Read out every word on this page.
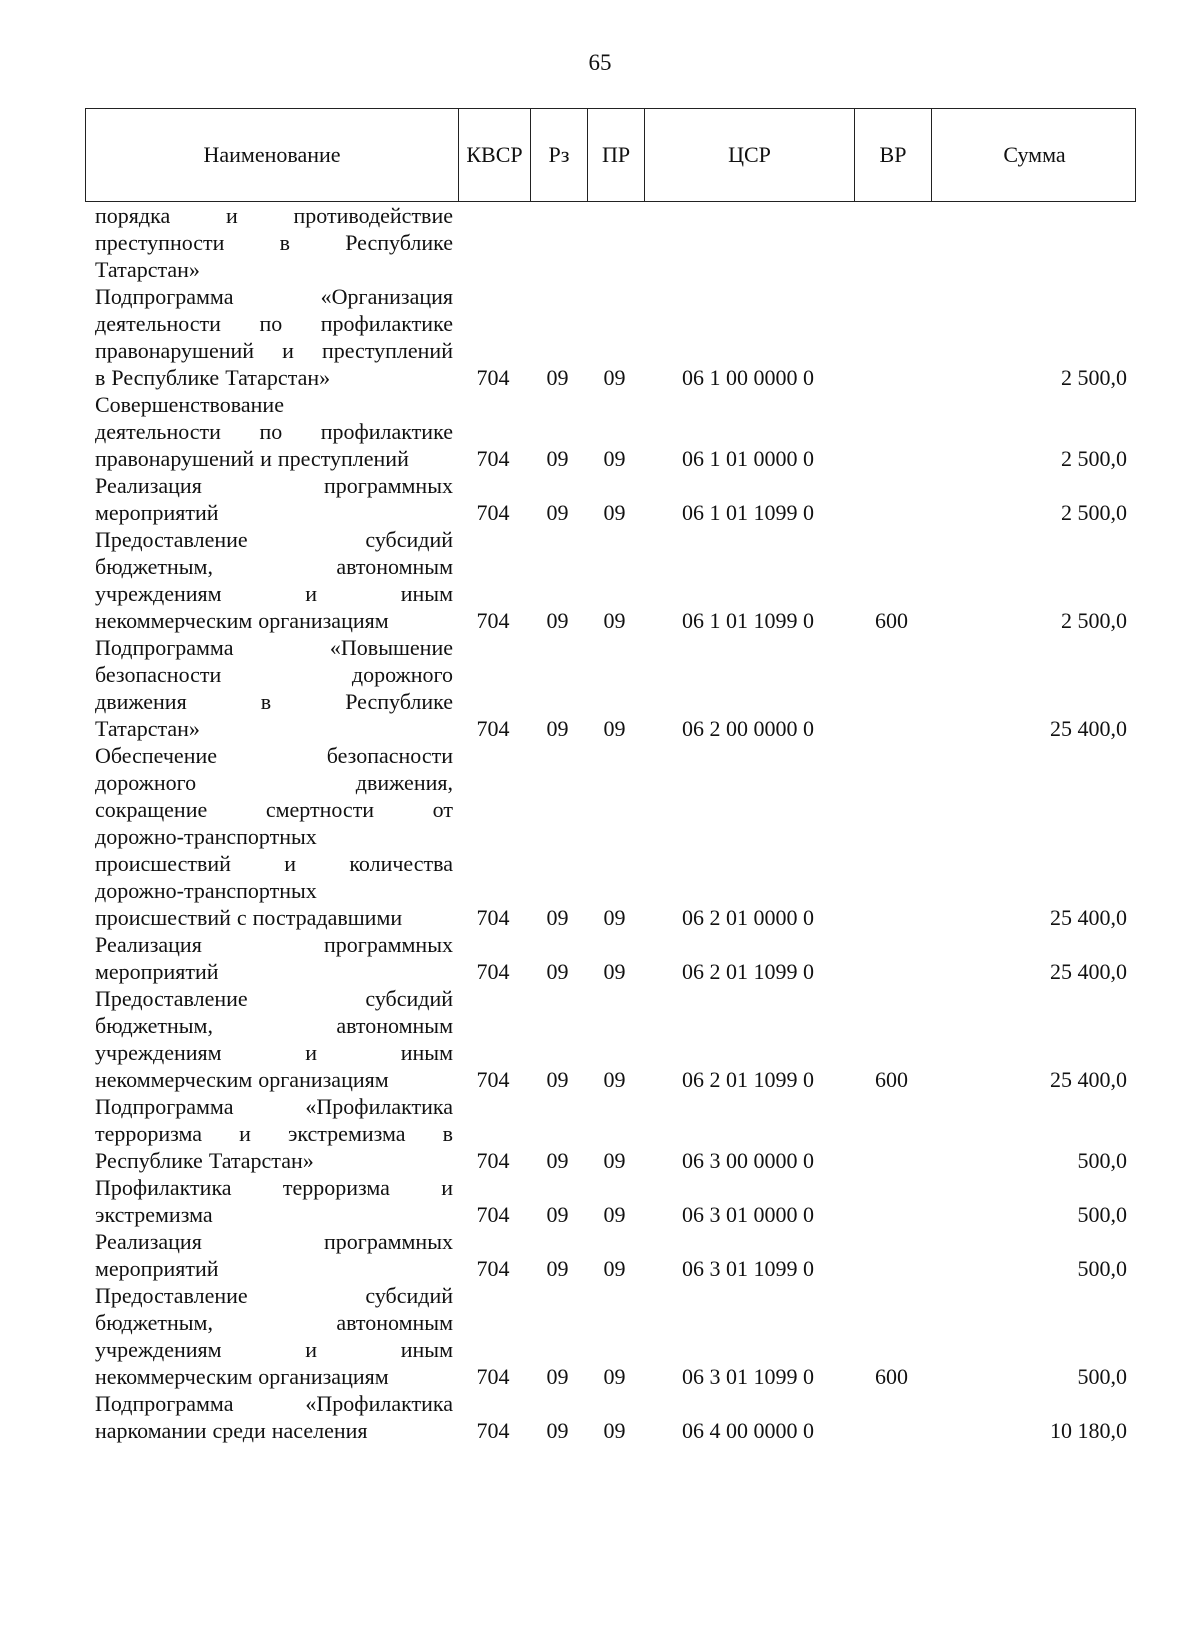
65
Наименование	КВСР	Рз	ПР	ЦСР	ВР	Сумма
порядка	и	противодействие
преступности	в	Республике
Татарстан»
Подпрограмма	«Организация
деятельности по профилактике
правонарушений и преступлений
в Республике Татарстан»	704	09	09	06 1 00 0000 0	2 500,0
Совершенствование
деятельности по профилактике
правонарушений и преступлений	704	09	09	06 1 01 0000 0	2 500,0
Реализация	программных
мероприятий	704	09	09	06 1 01 1099 0	2 500,0
Предоставление	субсидий
бюджетным,	автономным
учреждениям	и	иным
некоммерческим организациям	704	09	09	06 1 01 1099 0	600	2 500,0
Подпрограмма	«Повышение
безопасности	дорожного
движения	в	Республике
Татарстан»	704	09	09	06 2 00 0000 0	25 400,0
Обеспечение	безопасности
дорожного	движения,
сокращение	смертности	от
дорожно-транспортных
происшествий и количества
дорожно-транспортных
происшествий с пострадавшими	704	09	09	06 2 01 0000 0	25 400,0
Реализация	программных
мероприятий	704	09	09	06 2 01 1099 0	25 400,0
Предоставление	субсидий
бюджетным,	автономным
учреждениям	и	иным
некоммерческим организациям	704	09	09	06 2 01 1099 0	600	25 400,0
Подпрограмма	«Профилактика
терроризма и экстремизма в
Республике Татарстан»	704	09	09	06 3 00 0000 0	500,0
Профилактика терроризма и
экстремизма	704	09	09	06 3 01 0000 0	500,0
Реализация	программных
мероприятий	704	09	09	06 3 01 1099 0	500,0
Предоставление	субсидий
бюджетным,	автономным
учреждениям	и	иным
некоммерческим организациям	704	09	09	06 3 01 1099 0	600	500,0
Подпрограмма	«Профилактика
наркомании среди населения	704	09	09	06 4 00 0000 0	10 180,0
